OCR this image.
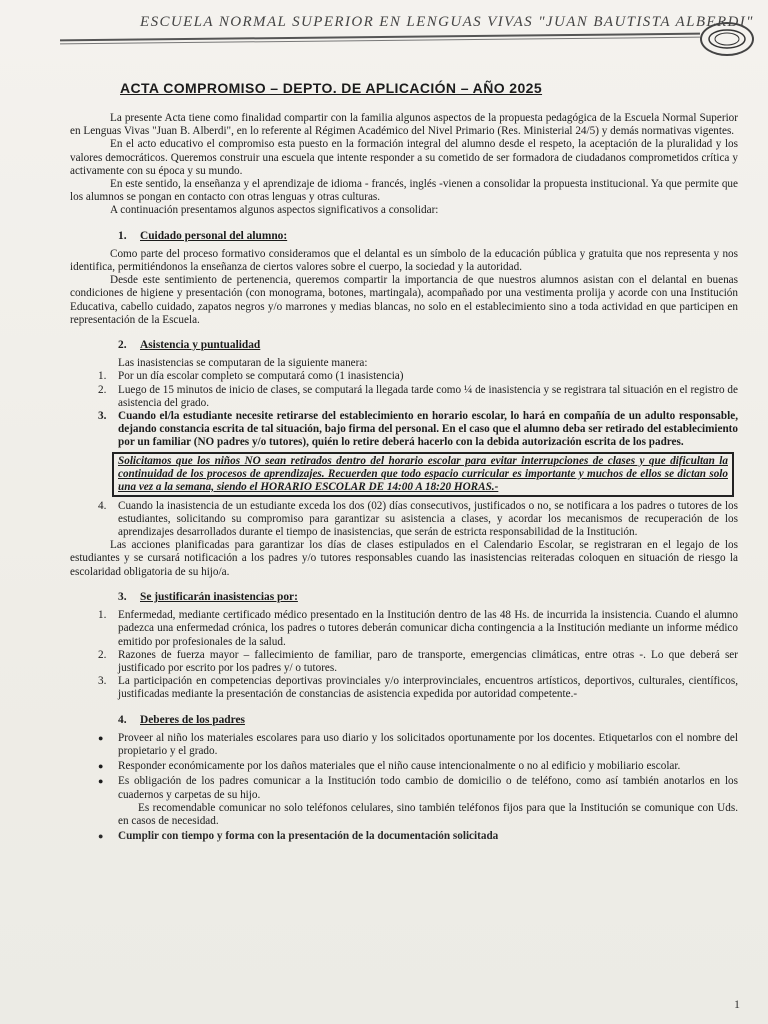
ESCUELA NORMAL SUPERIOR EN LENGUAS VIVAS "JUAN BAUTISTA ALBERDI"
ACTA COMPROMISO – DEPTO. DE APLICACIÓN – AÑO 2025

La presente Acta tiene como finalidad compartir con la familia algunos aspectos de la propuesta pedagógica de la Escuela Normal Superior en Lenguas Vivas "Juan B. Alberdi", en lo referente al Régimen Académico del Nivel Primario (Res. Ministerial 24/5) y demás normativas vigentes.

En el acto educativo el compromiso esta puesto en la formación integral del alumno desde el respeto, la aceptación de la pluralidad y los valores democráticos. Queremos construir una escuela que intente responder a su cometido de ser formadora de ciudadanos comprometidos crítica y activamente con su época y su mundo.

En este sentido, la enseñanza y el aprendizaje de idioma - francés, inglés -vienen a consolidar la propuesta institucional. Ya que permite que los alumnos se pongan en contacto con otras lenguas y otras culturas.

A continuación presentamos algunos aspectos significativos a consolidar:

1. Cuidado personal del alumno:

Como parte del proceso formativo consideramos que el delantal es un símbolo de la educación pública y gratuita que nos representa y nos identifica, permitiéndonos la enseñanza de ciertos valores sobre el cuerpo, la sociedad y la autoridad.

Desde este sentimiento de pertenencia, queremos compartir la importancia de que nuestros alumnos asistan con el delantal en buenas condiciones de higiene y presentación (con monograma, botones, martingala), acompañado por una vestimenta prolija y acorde con una Institución Educativa, cabello cuidado, zapatos negros y/o marrones y medias blancas, no solo en el establecimiento sino a toda actividad en que participen en representación de la Escuela.

2. Asistencia y puntualidad

Las inasistencias se computaran de la siguiente manera:

1. Por un día escolar completo se computará como (1 inasistencia)
2. Luego de 15 minutos de inicio de clases, se computará la llegada tarde como ¼ de inasistencia y se registrara tal situación en el registro de asistencia del grado.
3. Cuando el/la estudiante necesite retirarse del establecimiento en horario escolar, lo hará en compañía de un adulto responsable, dejando constancia escrita de tal situación, bajo firma del personal. En el caso que el alumno deba ser retirado del establecimiento por un familiar (NO padres y/o tutores), quién lo retire deberá hacerlo con la debida autorización escrita de los padres.
Solicitamos que los niños NO sean retirados dentro del horario escolar para evitar interrupciones de clases y que dificultan la continuidad de los procesos de aprendizajes. Recuerden que todo espacio curricular es importante y muchos de ellos se dictan solo una vez a la semana, siendo el HORARIO ESCOLAR DE 14:00 A 18:20 HORAS.-
4. Cuando la inasistencia de un estudiante exceda los dos (02) días consecutivos, justificados o no, se notificara a los padres o tutores de los estudiantes, solicitando su compromiso para garantizar su asistencia a clases, y acordar los mecanismos de recuperación de los aprendizajes desarrollados durante el tiempo de inasistencias, que serán de estricta responsabilidad de la Institución.

Las acciones planificadas para garantizar los días de clases estipulados en el Calendario Escolar, se registraran en el legajo de los estudiantes y se cursará notificación a los padres y/o tutores responsables cuando las inasistencias reiteradas coloquen en situación de riesgo la escolaridad obligatoria de su hijo/a.

3. Se justificarán inasistencias por:

1. Enfermedad, mediante certificado médico presentado en la Institución dentro de las 48 Hs. de incurrida la insistencia. Cuando el alumno padezca una enfermedad crónica, los padres o tutores deberán comunicar dicha contingencia a la Institución mediante un informe médico emitido por profesionales de la salud.
2. Razones de fuerza mayor – fallecimiento de familiar, paro de transporte, emergencias climáticas, entre otras -. Lo que deberá ser justificado por escrito por los padres y/ o tutores.
3. La participación en competencias deportivas provinciales y/o interprovinciales, encuentros artísticos, deportivos, culturales, científicos, justificadas mediante la presentación de constancias de asistencia expedida por autoridad competente.-

4. Deberes de los padres

● Proveer al niño los materiales escolares para uso diario y los solicitados oportunamente por los docentes. Etiquetarlos con el nombre del propietario y el grado.
● Responder económicamente por los daños materiales que el niño cause intencionalmente o no al edificio y mobiliario escolar.
● Es obligación de los padres comunicar a la Institución todo cambio de domicilio o de teléfono, como así también anotarlos en los cuadernos y carpetas de su hijo.
Es recomendable comunicar no solo teléfonos celulares, sino también teléfonos fijos para que la Institución se comunique con Uds. en casos de necesidad.
● Cumplir con tiempo y forma con la presentación de la documentación solicitada
1
